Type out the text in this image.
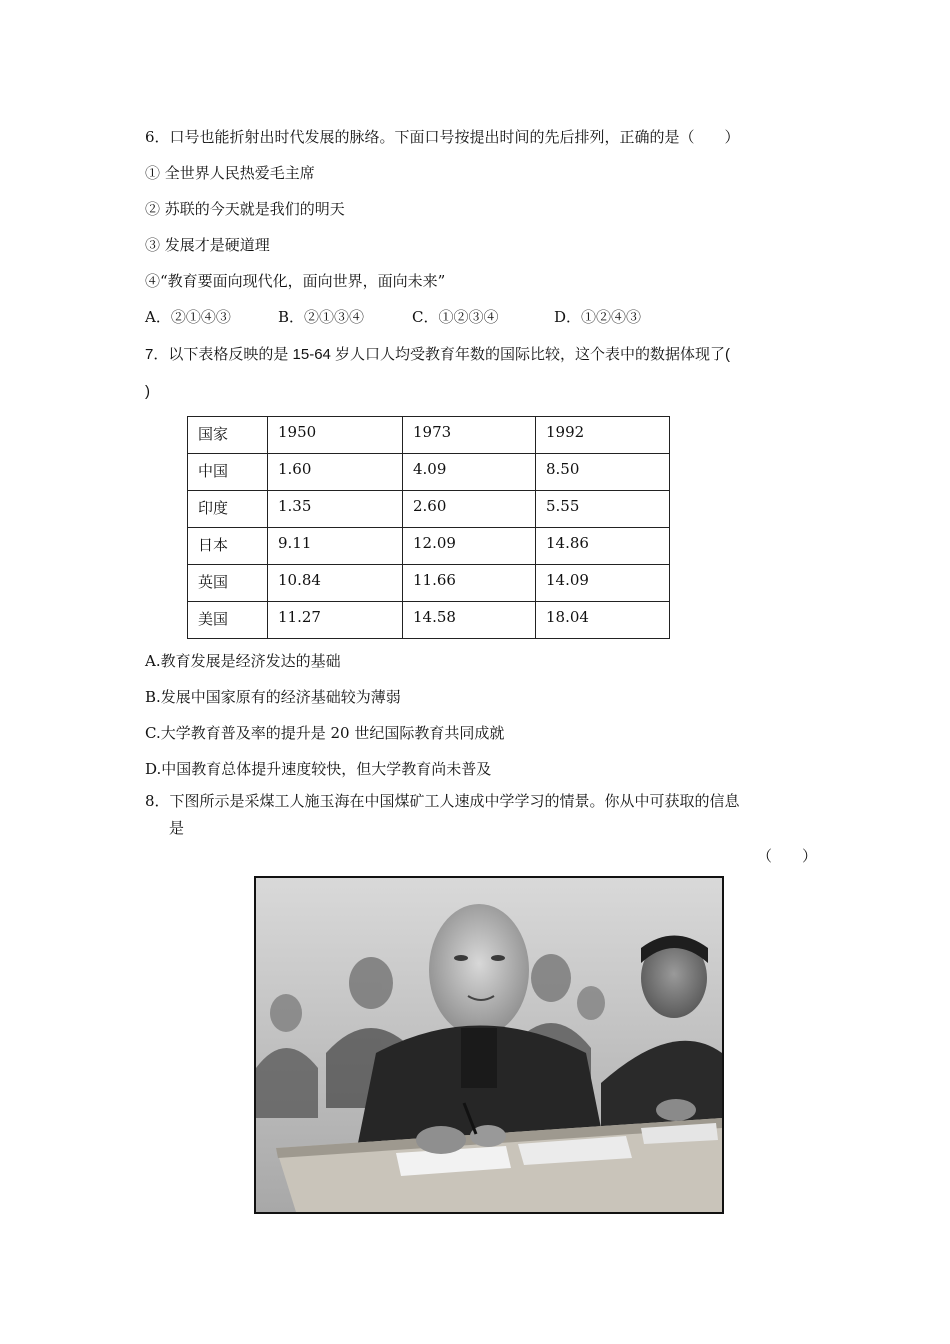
6．口号也能折射出时代发展的脉络。下面口号按提出时间的先后排列，正确的是（　　）
① 全世界人民热爱毛主席
② 苏联的今天就是我们的明天
③ 发展才是硬道理
④“教育要面向现代化，面向世界，面向未来”
A．②①④③	B．②①③④	C．①②③④	D．①②④③
7．以下表格反映的是 15-64 岁人口人均受教育年数的国际比较，这个表中的数据体现了(
)
国家	1950	1973	1992
中国	1.60	4.09	8.50
印度	1.35	2.60	5.55
日本	9.11	12.09	14.86
英国	10.84	11.66	14.09
美国	11.27	14.58	18.04
A.教育发展是经济发达的基础
B.发展中国家原有的经济基础较为薄弱
C.大学教育普及率的提升是 20 世纪国际教育共同成就
D.中国教育总体提升速度较快，但大学教育尚未普及
8．下图所示是采煤工人施玉海在中国煤矿工人速成中学学习的情景。你从中可获取的信息
是
（　　）
